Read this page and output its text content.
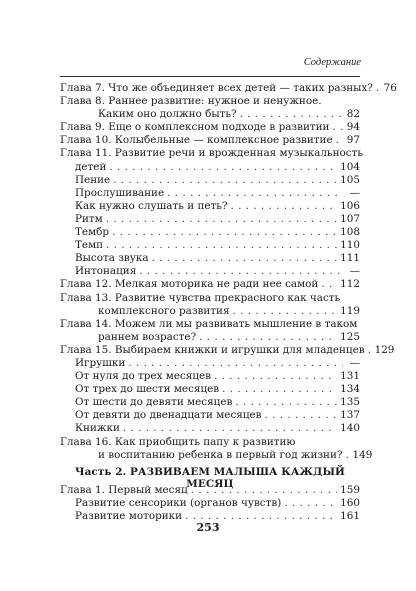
Содержание
Глава 7. Что же объединяет всех детей — таких разных? . . . 76
Глава 8. Раннее развитие: нужное и ненужное.
Каким оно должно быть? . . .	82
Глава 9. Еще о комплексном подходе в развитии . . . 94
Глава 10. Колыбельные — комплексное развитие . . . 97
Глава 11. Развитие речи и врожденная музыкальность
детей . . .	104
Пение . . .	105
Прослушивание . . .	—
Как нужно слушать и петь? . . .	106
Ритм . . .	107
Тембр . . .	108
Темп . . .	110
Высота звука . . .	111
Интонация . . .	—
Глава 12. Мелкая моторика не ради нее самой . . . 112
Глава 13. Развитие чувства прекрасного как часть
комплексного развития . . .	119
Глава 14. Можем ли мы развивать мышление в таком
раннем возрасте? . . .	125
Глава 15. Выбираем книжки и игрушки для младенцев . . . 129
Игрушки . . .	—
От нуля до трех месяцев . . .	131
От трех до шести месяцев . . .	134
От шести до девяти месяцев . . .	135
От девяти до двенадцати месяцев . . .	137
Книжки . . .	140
Глава 16. Как приобщить папу к развитию
и воспитанию ребенка в первый год жизни? . . . 149
Часть 2. РАЗВИВАЕМ МАЛЫША КАЖДЫЙ МЕСЯЦ
Глава 1. Первый месяц . . .	159
Развитие сенсорики (органов чувств) . . .	160
Развитие моторики . . .	161
253
